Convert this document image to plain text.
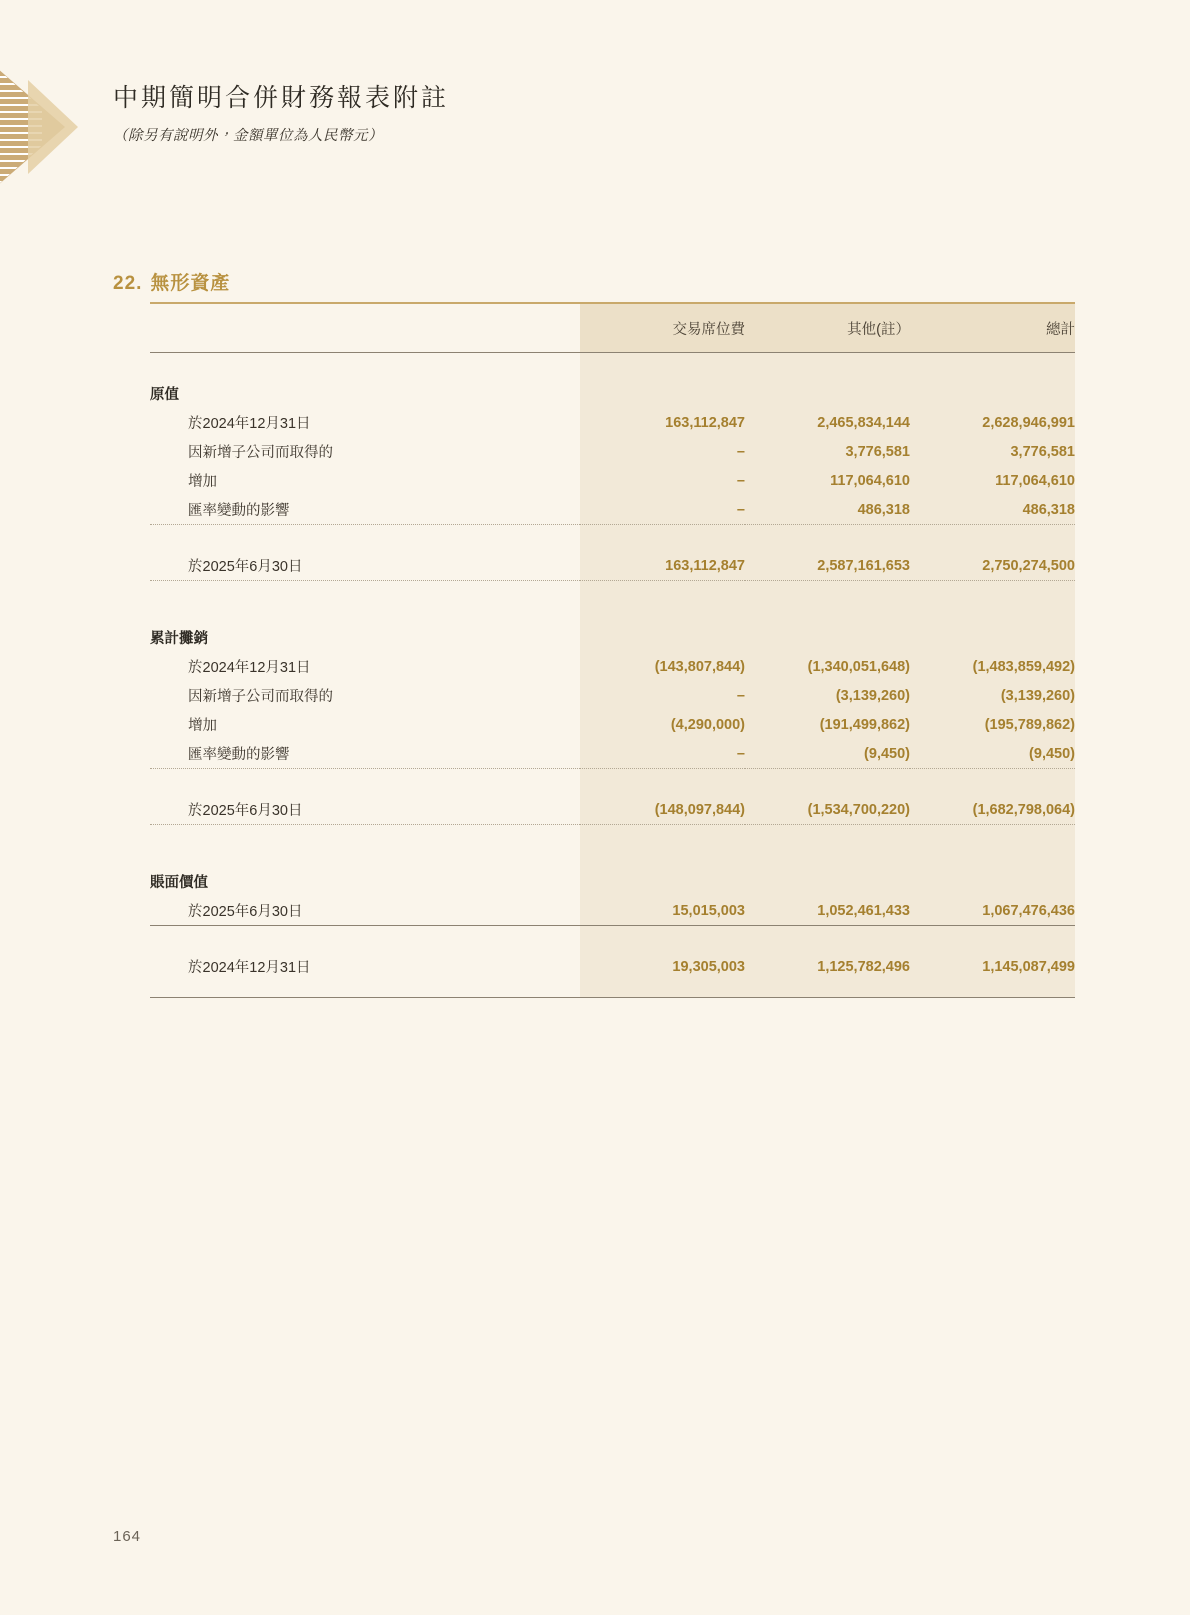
中期簡明合併財務報表附註

（除另有說明外，金額單位為人民幣元）

22. 無形資產
	交易席位費	其他(註）	總計

原值			
於2024年12月31日	163,112,847	2,465,834,144	2,628,946,991
因新增子公司而取得的	–	3,776,581	3,776,581
增加	–	117,064,610	117,064,610
匯率變動的影響	–	486,318	486,318

於2025年6月30日	163,112,847	2,587,161,653	2,750,274,500

累計攤銷			
於2024年12月31日	(143,807,844)	(1,340,051,648)	(1,483,859,492)
因新增子公司而取得的	–	(3,139,260)	(3,139,260)
增加	(4,290,000)	(191,499,862)	(195,789,862)
匯率變動的影響	–	(9,450)	(9,450)

於2025年6月30日	(148,097,844)	(1,534,700,220)	(1,682,798,064)

賬面價值			
於2025年6月30日	15,015,003	1,052,461,433	1,067,476,436

於2024年12月31日	19,305,003	1,125,782,496	1,145,087,499

164
